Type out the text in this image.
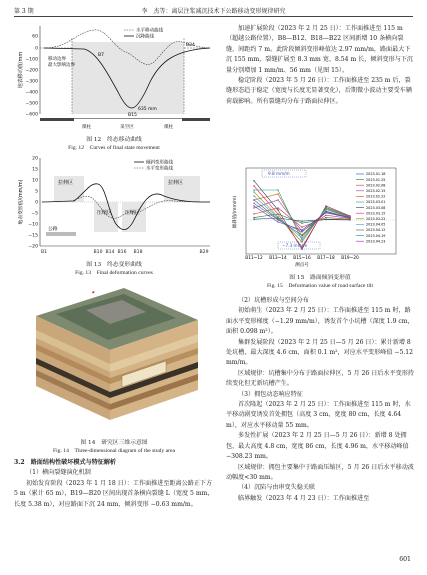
第 3 期	李　杰等：离层注浆减沉技术下公路移动变形规律研究
60
0
−100
−200
−300
−400
−500
−600
地表移动值/mm	B7
B24
B15
635 mm
移动边界
最大影响边界
水平移动曲线
沉降曲线
煤柱	采空区	煤柱
图 12　终态移动曲线
Fig. 12　Curves of final state movement
20
15
10
5
0
−5
−10
−15
−20
地表变形值/(mm/m)	拉伸区	拉伸区
压缩区	压缩区
倾斜变形曲线
水平变形曲线
公路
B1	B10 B14 B16 B18	B29
图 13　终态变形曲线
Fig. 13　Final deformation curves
★
图 14　研究区三维示意图
Fig. 14　Three-dimensional diagram of the study area

3.2　路面结构性破坏模式与特征解析

（1）横向裂缝演化机制

初始发育阶段（2023 年 1 月 18 日）：工作面推进至距离公路正下方 5 m（累计 65 m），B19—B20 区间出现首条横向裂缝 L（宽度 5 mm，长度 5.38 m），对应路面下沉 24 mm，倾斜变形 −0.63 mm/m。

加速扩展阶段（2023 年 2 月 25 日）：工作面推进至 115 m（超越公路位置），B8—B12、B18—B22 区间新增 10 条横向裂缝，间距约 7 m。此阶段倾斜变形峰值达 2.97 mm/m，路面最大下沉 155 mm，裂缝扩展至 8.3 mm 宽、8.54 m 长，倾斜变形与下沉量分别增加 1 mm/m、56 mm（见图 15）。

稳定阶段（2023 年 5 月 26 日）：工作面推进至 235 m 后，裂缝形态趋于稳定（宽度与长度无显著变化），后期微小波动主要受车辆荷载影响。所有裂缝均分布于路面拉伸区。

倾斜值/(mm/m)
测点号
B11~12 B13~14 B15~16 B17~18 B19~20
2023.01.18
2023.01.25
2023.02.08
2023.02.15
2023.02.22
2023.03.01
2023.03.08
2023.03.15
2023.03.22
2023.04.05
2023.04.12
2023.04.19
2023.04.23
9.8 mm/m
−7.3 mm/m
图 15　路面倾斜变形值
Fig. 15　Deformation value of road surface tilt

（2）坑槽形成与空间分布

初始萌生（2023 年 2 月 25 日）：工作面推进至 115 m 时，路面水平变形梯度（−1.29 mm/m），诱发首个小坑槽（深度 1.9 cm，面积 0.098 m²）。

集群发展阶段（2023 年 2 月 25 日—5 月 26 日）：累计新增 8 处坑槽，最大深度 4.6 cm，面积 0.1 m²，对应水平变形峰值 −5.12 mm/m。

区域规律：坑槽集中分布于路面拉伸区，5 月 26 日后水平变形持续变化但无新坑槽产生。

（3）拥包动态响应特征

首次隆起（2023 年 2 月 25 日）：工作面推进至 115 m 时，水平移动剧变诱发首处拥包（高度 3 cm，宽度 80 cm，长度 4.64 m），对应水平移动量 55 mm。

多发性扩展（2023 年 2 月 25 日—5 月 26 日）：新增 8 处拥包，最大高度 4.8 cm，宽度 86 cm，长度 4.96 m，水平移动峰值 −308.23 mm。

区域规律：拥包主要集中于路面压缩区，5 月 26 日后水平移动波动幅度<30 mm。

（4）沉陷与由串变失稳关联

临界触发（2023 年 4 月 23 日）：工作面推进至

601
